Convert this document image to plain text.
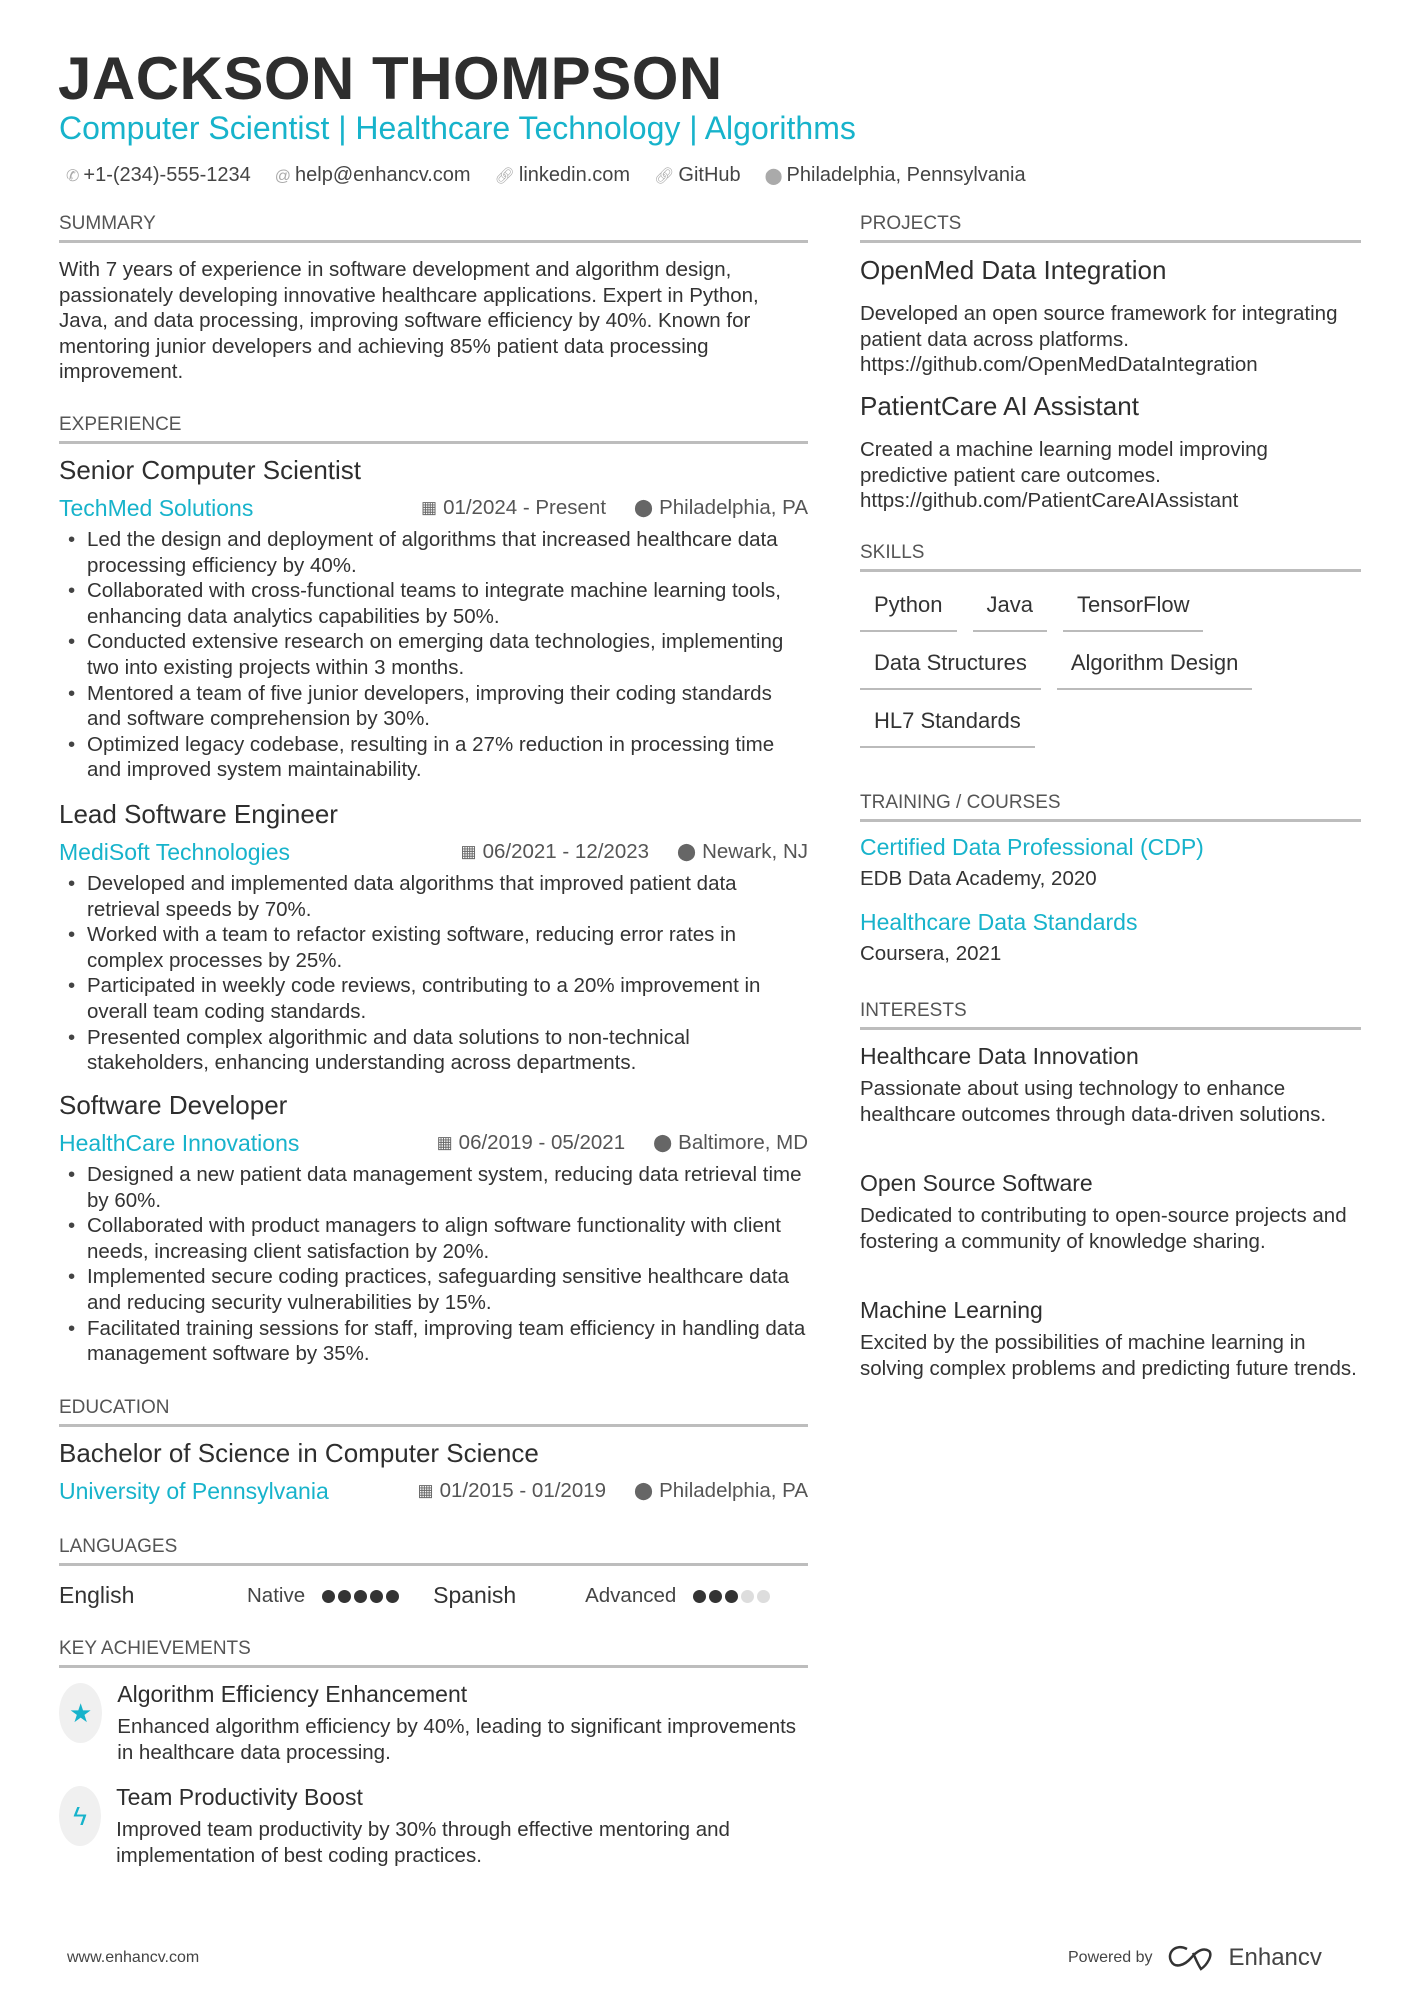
JACKSON THOMPSON
Computer Scientist | Healthcare Technology | Algorithms
✆ +1-(234)-555-1234 @ help@enhancv.com 🔗︎ linkedin.com 🔗︎ GitHub ⬤ Philadelphia, Pennsylvania
SUMMARY
With 7 years of experience in software development and algorithm design, passionately developing innovative healthcare applications. Expert in Python, Java, and data processing, improving software efficiency by 40%. Known for mentoring junior developers and achieving 85% patient data processing improvement.
EXPERIENCE
Senior Computer Scientist
TechMed Solutions	▦ 01/2024 - Present ⬤ Philadelphia, PA
• Led the design and deployment of algorithms that increased healthcare data processing efficiency by 40%.
• Collaborated with cross-functional teams to integrate machine learning tools, enhancing data analytics capabilities by 50%.
• Conducted extensive research on emerging data technologies, implementing two into existing projects within 3 months.
• Mentored a team of five junior developers, improving their coding standards and software comprehension by 30%.
• Optimized legacy codebase, resulting in a 27% reduction in processing time and improved system maintainability.
Lead Software Engineer
MediSoft Technologies	▦ 06/2021 - 12/2023 ⬤ Newark, NJ
• Developed and implemented data algorithms that improved patient data retrieval speeds by 70%.
• Worked with a team to refactor existing software, reducing error rates in complex processes by 25%.
• Participated in weekly code reviews, contributing to a 20% improvement in overall team coding standards.
• Presented complex algorithmic and data solutions to non-technical stakeholders, enhancing understanding across departments.
Software Developer
HealthCare Innovations	▦ 06/2019 - 05/2021 ⬤ Baltimore, MD
• Designed a new patient data management system, reducing data retrieval time by 60%.
• Collaborated with product managers to align software functionality with client needs, increasing client satisfaction by 20%.
• Implemented secure coding practices, safeguarding sensitive healthcare data and reducing security vulnerabilities by 15%.
• Facilitated training sessions for staff, improving team efficiency in handling data management software by 35%.
EDUCATION
Bachelor of Science in Computer Science
University of Pennsylvania	▦ 01/2015 - 01/2019 ⬤ Philadelphia, PA
LANGUAGES
English	Native	Spanish	Advanced
KEY ACHIEVEMENTS
★
Algorithm Efficiency Enhancement
Enhanced algorithm efficiency by 40%, leading to significant improvements in healthcare data processing.
ϟ
Team Productivity Boost
Improved team productivity by 30% through effective mentoring and implementation of best coding practices.
PROJECTS
OpenMed Data Integration
Developed an open source framework for integrating patient data across platforms. https://github.com/OpenMedDataIntegration
PatientCare AI Assistant
Created a machine learning model improving predictive patient care outcomes. https://github.com/PatientCareAIAssistant
SKILLS
Python	Java	TensorFlow
Data Structures	Algorithm Design
HL7 Standards
TRAINING / COURSES
Certified Data Professional (CDP)
EDB Data Academy, 2020
Healthcare Data Standards
Coursera, 2021
INTERESTS
Healthcare Data Innovation
Passionate about using technology to enhance healthcare outcomes through data-driven solutions.
Open Source Software
Dedicated to contributing to open-source projects and fostering a community of knowledge sharing.
Machine Learning
Excited by the possibilities of machine learning in solving complex problems and predicting future trends.
www.enhancv.com	Powered by	Enhancv
